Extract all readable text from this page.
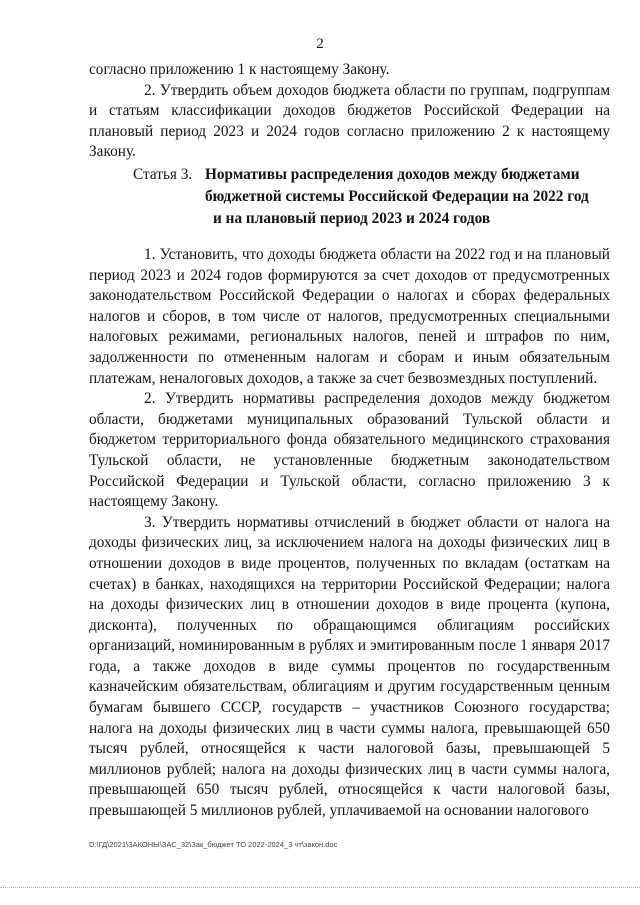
2
согласно приложению 1 к настоящему Закону.
2. Утвердить объем доходов бюджета области по группам, подгруппам и статьям классификации доходов бюджетов Российской Федерации на плановый период 2023 и 2024 годов согласно приложению 2 к настоящему Закону.
Статья 3. Нормативы распределения доходов между бюджетами
бюджетной системы Российской Федерации на 2022 год
и на плановый период 2023 и 2024 годов

1. Установить, что доходы бюджета области на 2022 год и на плановый период 2023 и 2024 годов формируются за счет доходов от предусмотренных законодательством Российской Федерации о налогах и сборах федеральных налогов и сборов, в том числе от налогов, предусмотренных специальными налоговых режимами, региональных налогов, пеней и штрафов по ним, задолженности по отмененным налогам и сборам и иным обязательным платежам, неналоговых доходов, а также за счет безвозмездных поступлений.

2. Утвердить нормативы распределения доходов между бюджетом области, бюджетами муниципальных образований Тульской области и бюджетом территориального фонда обязательного медицинского страхования Тульской области, не установленные бюджетным законодательством Российской Федерации и Тульской области, согласно приложению 3 к настоящему Закону.

3. Утвердить нормативы отчислений в бюджет области от налога на доходы физических лиц, за исключением налога на доходы физических лиц в отношении доходов в виде процентов, полученных по вкладам (остаткам на счетах) в банках, находящихся на территории Российской Федерации; налога на доходы физических лиц в отношении доходов в виде процента (купона, дисконта), полученных по обращающимся облигациям российских организаций, номинированным в рублях и эмитированным после 1 января 2017 года, а также доходов в виде суммы процентов по государственным казначейским обязательствам, облигациям и другим государственным ценным бумагам бывшего СССР, государств – участников Союзного государства; налога на доходы физических лиц в части суммы налога, превышающей 650 тысяч рублей, относящейся к части налоговой базы, превышающей 5 миллионов рублей; налога на доходы физических лиц в части суммы налога, превышающей 650 тысяч рублей, относящейся к части налоговой базы, превышающей 5 миллионов рублей, уплачиваемой на основании налогового

D:\ГД\2021\ЗАКОНЫ\ЗАС_32\Зак_бюджет ТО 2022-2024_3 чт\закон.doc
